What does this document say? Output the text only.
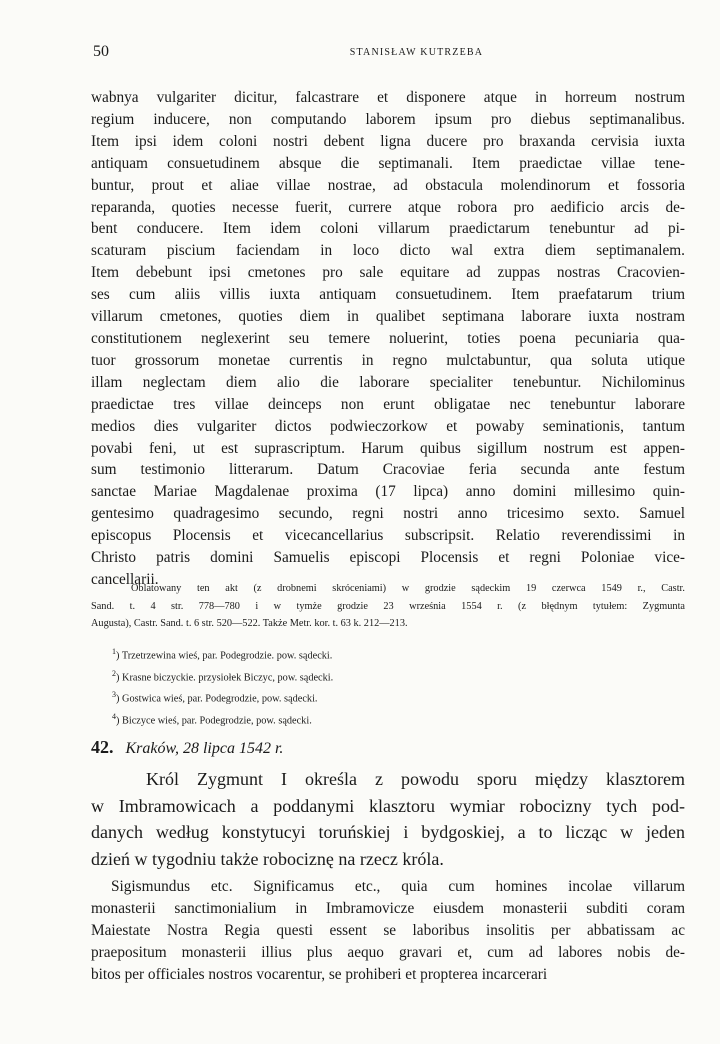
50	STANISŁAW KUTRZEBA
wabnya vulgariter dicitur, falcastrare et disponere atque in horreum nostrum
regium inducere, non computando laborem ipsum pro diebus septimanalibus.
Item ipsi idem coloni nostri debent ligna ducere pro braxanda cervisia iuxta
antiquam consuetudinem absque die septimanali. Item praedictae villae tene-
buntur, prout et aliae villae nostrae, ad obstacula molendinorum et fossoria
reparanda, quoties necesse fuerit, currere atque robora pro aedificio arcis de-
bent conducere. Item idem coloni villarum praedictarum tenebuntur ad pi-
scaturam piscium faciendam in loco dicto wal extra diem septimanalem.
Item debebunt ipsi cmetones pro sale equitare ad zuppas nostras Cracovien-
ses cum aliis villis iuxta antiquam consuetudinem. Item praefatarum trium
villarum cmetones, quoties diem in qualibet septimana laborare iuxta nostram
constitutionem neglexerint seu temere noluerint, toties poena pecuniaria qua-
tuor grossorum monetae currentis in regno mulctabuntur, qua soluta utique
illam neglectam diem alio die laborare specialiter tenebuntur. Nichilominus
praedictae tres villae deinceps non erunt obligatae nec tenebuntur laborare
medios dies vulgariter dictos podwieczorkow et powaby seminationis, tantum
povabi feni, ut est suprascriptum. Harum quibus sigillum nostrum est appen-
sum testimonio litterarum. Datum Cracoviae feria secunda ante festum
sanctae Mariae Magdalenae proxima (17 lipca) anno domini millesimo quin-
gentesimo quadragesimo secundo, regni nostri anno tricesimo sexto. Samuel
episcopus Plocensis et vicecancellarius subscripsit. Relatio reverendissimi in
Christo patris domini Samuelis episcopi Plocensis et regni Poloniae vice-
cancellarii.
Oblatowany ten akt (z drobnemi skróceniami) w grodzie sądeckim 19 czerwca 1549 r., Castr.
Sand. t. 4 str. 778—780 i w tymże grodzie 23 września 1554 r. (z błędnym tytułem: Zygmunta
Augusta), Castr. Sand. t. 6 str. 520—522. Także Metr. kor. t. 63 k. 212—213.
$^1$) Trzetrzewina wieś, par. Podegrodzie. pow. sądecki.
$^2$) Krasne biczyckie. przysiołek Biczyc, pow. sądecki.
$^3$) Gostwica wieś, par. Podegrodzie, pow. sądecki.
$^4$) Biczyce wieś, par. Podegrodzie, pow. sądecki.
42. Kraków, 28 lipca 1542 r.
Król Zygmunt I określa z powodu sporu między klasztorem
w Imbramowicach a poddanymi klasztoru wymiar robocizny tych pod-
danych według konstytucyi toruńskiej i bydgoskiej, a to licząc w jeden
dzień w tygodniu także robociznę na rzecz króla.
Sigismundus etc. Significamus etc., quia cum homines incolae villarum
monasterii sanctimonialium in Imbramovicze eiusdem monasterii subditi coram
Maiestate Nostra Regia questi essent se laboribus insolitis per abbatissam ac
praepositum monasterii illius plus aequo gravari et, cum ad labores nobis de-
bitos per officiales nostros vocarentur, se prohiberi et propterea incarcerari
